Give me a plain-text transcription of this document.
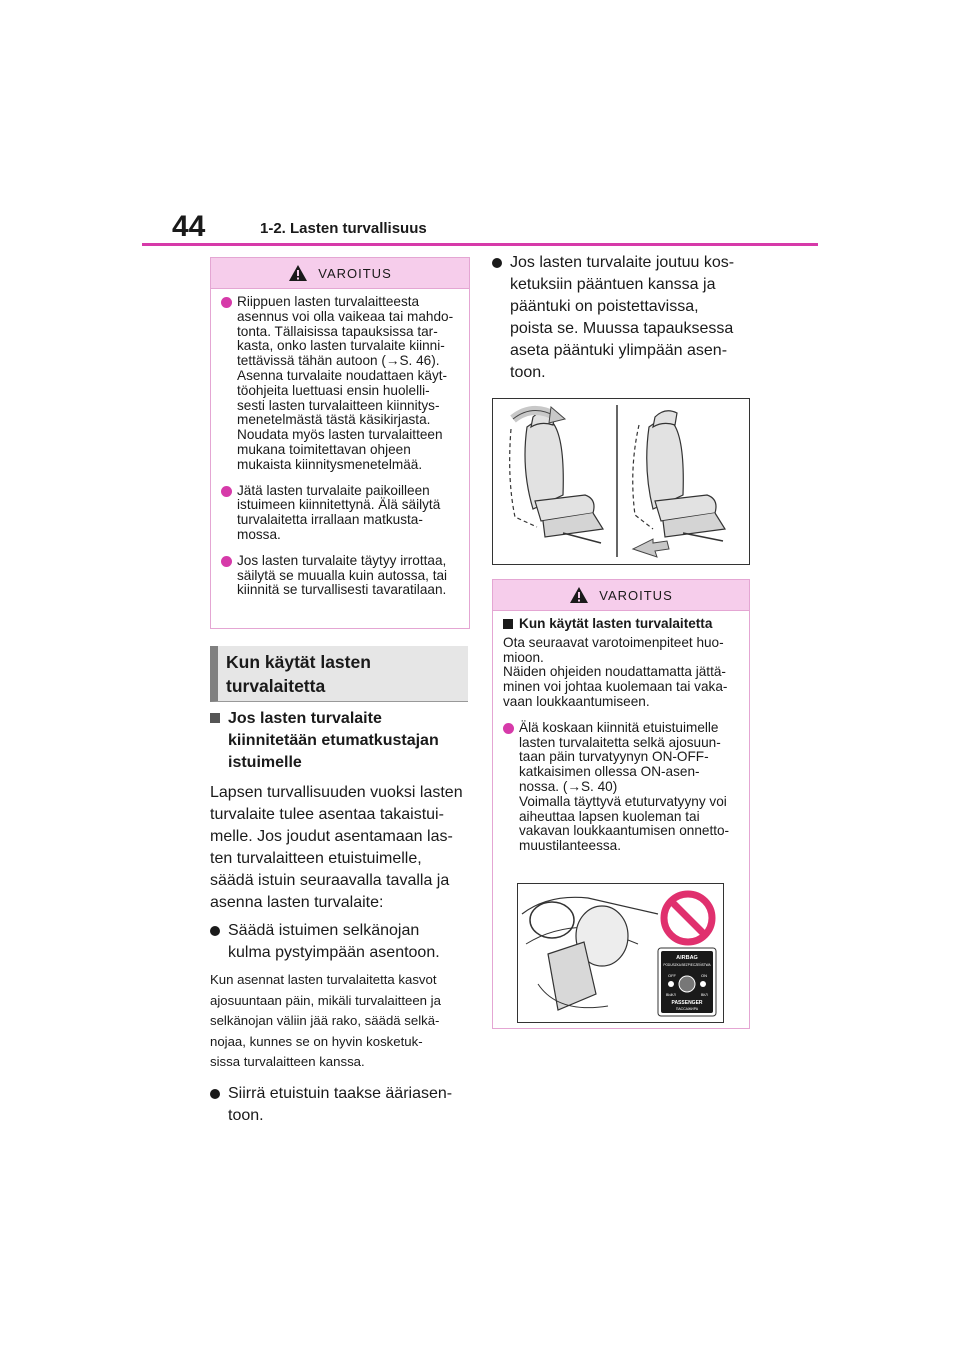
44	1-2. Lasten turvallisuus
VAROITUS
Riippuen lasten turvalaitteesta
asennus voi olla vaikeaa tai mahdo-
tonta. Tällaisissa tapauksissa tar-
kasta, onko lasten turvalaite kiinni-
tettävissä tähän autoon (→S. 46).
Asenna turvalaite noudattaen käyt-
töohjeita luettuasi ensin huolelli-
sesti lasten turvalaitteen kiinnitys-
menetelmästä tästä käsikirjasta.
Noudata myös lasten turvalaitteen
mukana toimitettavan ohjeen
mukaista kiinnitysmenetelmää.
Jätä lasten turvalaite paikoilleen
istuimeen kiinnitettynä. Älä säilytä
turvalaitetta irrallaan matkusta-
mossa.
Jos lasten turvalaite täytyy irrottaa,
säilytä se muualla kuin autossa, tai
kiinnitä se turvallisesti tavaratilaan.
Kun käytät lasten
turvalaitetta
Jos lasten turvalaite
kiinnitetään etumatkustajan
istuimelle
Lapsen turvallisuuden vuoksi lasten
turvalaite tulee asentaa takaistui-
melle. Jos joudut asentamaan las-
ten turvalaitteen etuistuimelle,
säädä istuin seuraavalla tavalla ja
asenna lasten turvalaite:
Säädä istuimen selkänojan
kulma pystyimpään asentoon.
Kun asennat lasten turvalaitetta kasvot
ajosuuntaan päin, mikäli turvalaitteen ja
selkänojan väliin jää rako, säädä selkä-
nojaa, kunnes se on hyvin kosketuk-
sissa turvalaitteen kanssa.
Siirrä etuistuin taakse ääriasen-
toon.
Jos lasten turvalaite joutuu kos-
ketuksiin pääntuen kanssa ja
pääntuki on poistettavissa,
poista se. Muussa tapauksessa
aseta pääntuki ylimpään asen-
toon.
VAROITUS
Kun käytät lasten turvalaitetta
Ota seuraavat varotoimenpiteet huo-
mioon.
Näiden ohjeiden noudattamatta jättä-
minen voi johtaa kuolemaan tai vaka-
vaan loukkaantumiseen.
Älä koskaan kiinnitä etuistuimelle
lasten turvalaitetta selkä ajosuun-
taan päin turvatyynyn ON-OFF-
katkaisimen ollessa ON-asen-
nossa. (→S. 40)
Voimalla täyttyvä etuturvatyyny voi
aiheuttaa lapsen kuoleman tai
vakavan loukkaantumisen onnetto-
muustilanteessa.
AIRBAG
PODUSZKA BEZPIECZEŃSTWA
OFF	ON
ВЫКЛ	ВКЛ
PASSENGER
ПАССАЖИРА
